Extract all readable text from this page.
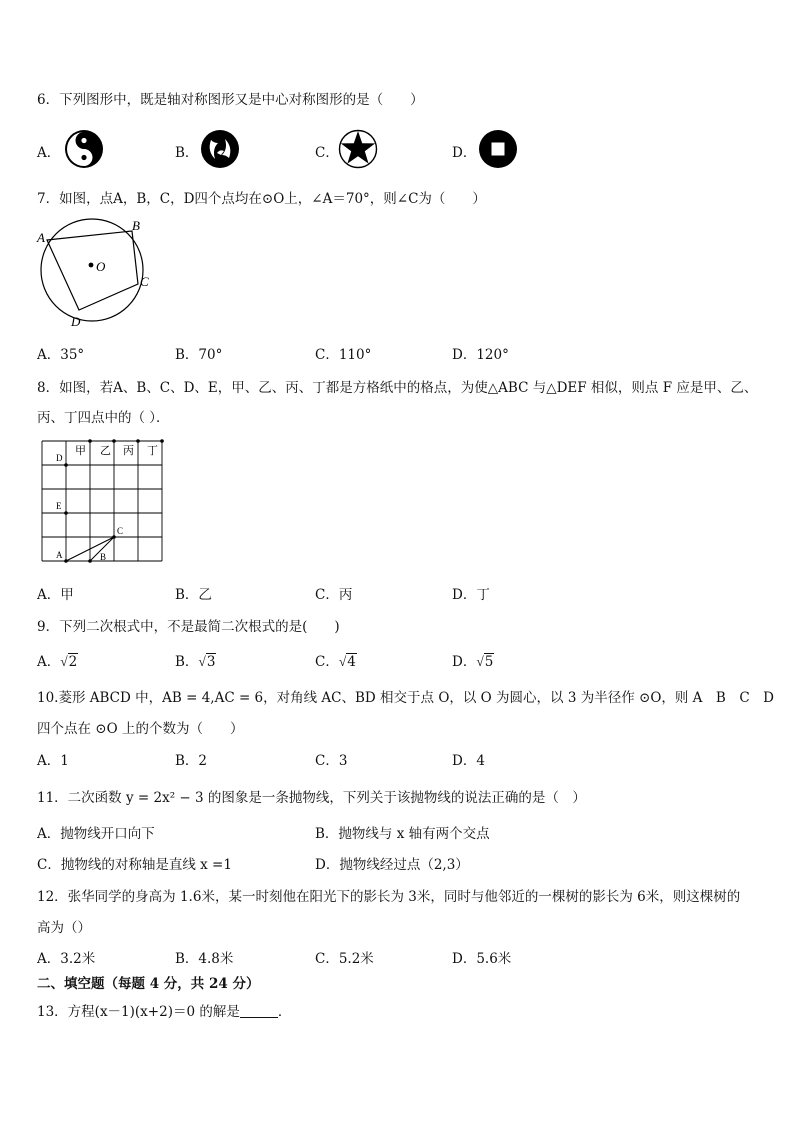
6．下列图形中，既是轴对称图形又是中心对称图形的是（　　）
A．	B．	C．	D．
7．如图，点A，B，C，D四个点均在⊙O上，∠A＝70°，则∠C为（　　）
A
B
C
D
O
A．35°	B．70°	C．110°	D．120°
8．如图，若A、B、C、D、E，甲、乙、丙、丁都是方格纸中的格点，为使△ABC 与△DEF 相似，则点 F 应是甲、乙、
丙、丁四点中的（ ）．
D
E
A	B
C
甲 乙 丙 丁
A．甲	B．乙	C．丙	D．丁
9．下列二次根式中，不是最简二次根式的是(　　)
A．√2	B．√3	C．√4	D．√5
10.菱形 ABCD 中，AB = 4,AC = 6，对角线 AC、BD 相交于点 O，以 O 为圆心，以 3 为半径作 ⊙O，则 A　B　C　D
四个点在 ⊙O 上的个数为（　　）
A．1	B．2	C．3	D．4
11．二次函数 y = 2x² − 3 的图象是一条抛物线，下列关于该抛物线的说法正确的是（　）
A．抛物线开口向下	B．抛物线与 x 轴有两个交点
C．抛物线的对称轴是直线 x =1	D．抛物线经过点（2,3）
12．张华同学的身高为 1.6米，某一时刻他在阳光下的影长为 3米，同时与他邻近的一棵树的影长为 6米，则这棵树的
高为（）
A．3.2米	B．4.8米	C．5.2米	D．5.6米
二、填空题（每题 4 分，共 24 分）
13．方程(x－1)(x+2)＝0 的解是	．
